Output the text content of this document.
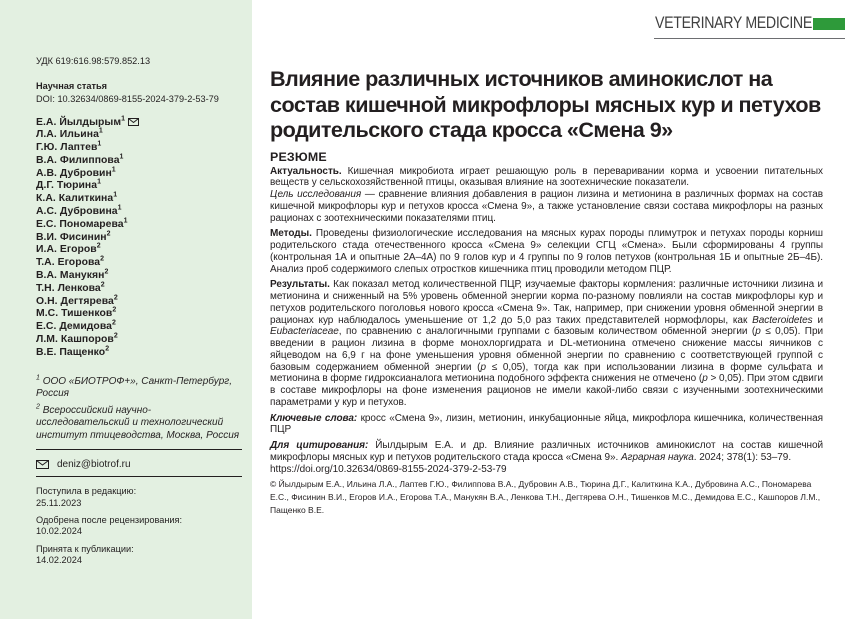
УДК 619:616.98:579.852.13
Научная статья
DOI: 10.32634/0869-8155-2024-379-2-53-79
Е.А. Йылдырым$^1$
Л.А. Ильина$^1$
Г.Ю. Лаптев$^1$
В.А. Филиппова$^1$
А.В. Дубровин$^1$
Д.Г. Тюрина$^1$
К.А. Калиткина$^1$
А.С. Дубровина$^1$
Е.С. Пономарева$^1$
В.И. Фисинин$^2$
И.А. Егоров$^2$
Т.А. Егорова$^2$
В.А. Манукян$^2$
Т.Н. Ленкова$^2$
О.Н. Дегтярева$^2$
М.С. Тишенков$^2$
Е.С. Демидова$^2$
Л.М. Кашпоров$^2$
В.Е. Пащенко$^2$
$^1$ ООО «БИОТРОФ+», Санкт-Петербург, Россия
$^2$ Всероссийский научно-исследовательский и технологический институт птицеводства, Москва, Россия
deniz@biotrof.ru
Поступила в редакцию:
25.11.2023
Одобрена после рецензирования:
10.02.2024
Принята к публикации:
14.02.2024
VETERINARY MEDICINE
Влияние различных источников аминокислот на состав кишечной микрофлоры мясных кур и петухов родительского стада кросса «Смена 9»
РЕЗЮМЕ

Актуальность. Кишечная микробиота играет решающую роль в переваривании корма и усвоении питательных веществ у сельскохозяйственной птицы, оказывая влияние на зоотехнические показатели.

Цель исследования — сравнение влияния добавления в рацион лизина и метионина в различных формах на состав кишечной микрофлоры кур и петухов кросса «Смена 9», а также установление связи состава микрофлоры на разных рационах с зоотехническими показателями птиц.

Методы. Проведены физиологические исследования на мясных курах породы плимутрок и петухах породы корниш родительского стада отечественного кросса «Смена 9» селекции СГЦ «Смена». Были сформированы 4 группы (контрольная 1А и опытные 2А–4А) по 9 голов кур и 4 группы по 9 голов петухов (контрольная 1Б и опытные 2Б–4Б). Анализ проб содержимого слепых отростков кишечника птиц проводили методом ПЦР.

Результаты. Как показал метод количественной ПЦР, изучаемые факторы кормления: различные источники лизина и метионина и сниженный на 5% уровень обменной энергии корма по-разному повлияли на состав микрофлоры кур и петухов родительского поголовья нового кросса «Смена 9». Так, например, при снижении уровня обменной энергии в рационах кур наблюдалось уменьшение от 1,2 до 5,0 раз таких представителей нормофлоры, как Bacteroidetes и Eubacteriaceae, по сравнению с аналогичными группами с базовым количеством обменной энергии (p ≤ 0,05). При введении в рацион лизина в форме монохлоргидрата и DL-метионина отмечено снижение массы яичников с яйцеводом на 6,9 г на фоне уменьшения уровня обменной энергии по сравнению с соответствующей группой с базовым содержанием обменной энергии (p ≤ 0,05), тогда как при использовании лизина в форме сульфата и метионина в форме гидроксианалога метионина подобного эффекта снижения не отмечено (p > 0,05). При этом сдвиги в составе микрофлоры на фоне изменения рационов не имели какой-либо связи с изученными зоотехническими параметрами у кур и петухов.

Ключевые слова: кросс «Смена 9», лизин, метионин, инкубационные яйца, микрофлора кишечника, количественная ПЦР

Для цитирования: Йылдырым Е.А. и др. Влияние различных источников аминокислот на состав кишечной микрофлоры мясных кур и петухов родительского стада кросса «Смена 9». Аграрная наука. 2024; 378(1): 53–79.
https://doi.org/10.32634/0869-8155-2024-379-2-53-79

© Йылдырым Е.А., Ильина Л.А., Лаптев Г.Ю., Филиппова В.А., Дубровин А.В., Тюрина Д.Г., Калиткина К.А., Дубровина А.С., Пономарева Е.С., Фисинин В.И., Егоров И.А., Егорова Т.А., Манукян В.А., Ленкова Т.Н., Дегтярева О.Н., Тишенков М.С., Демидова Е.С., Кашпоров Л.М., Пащенко В.Е.
